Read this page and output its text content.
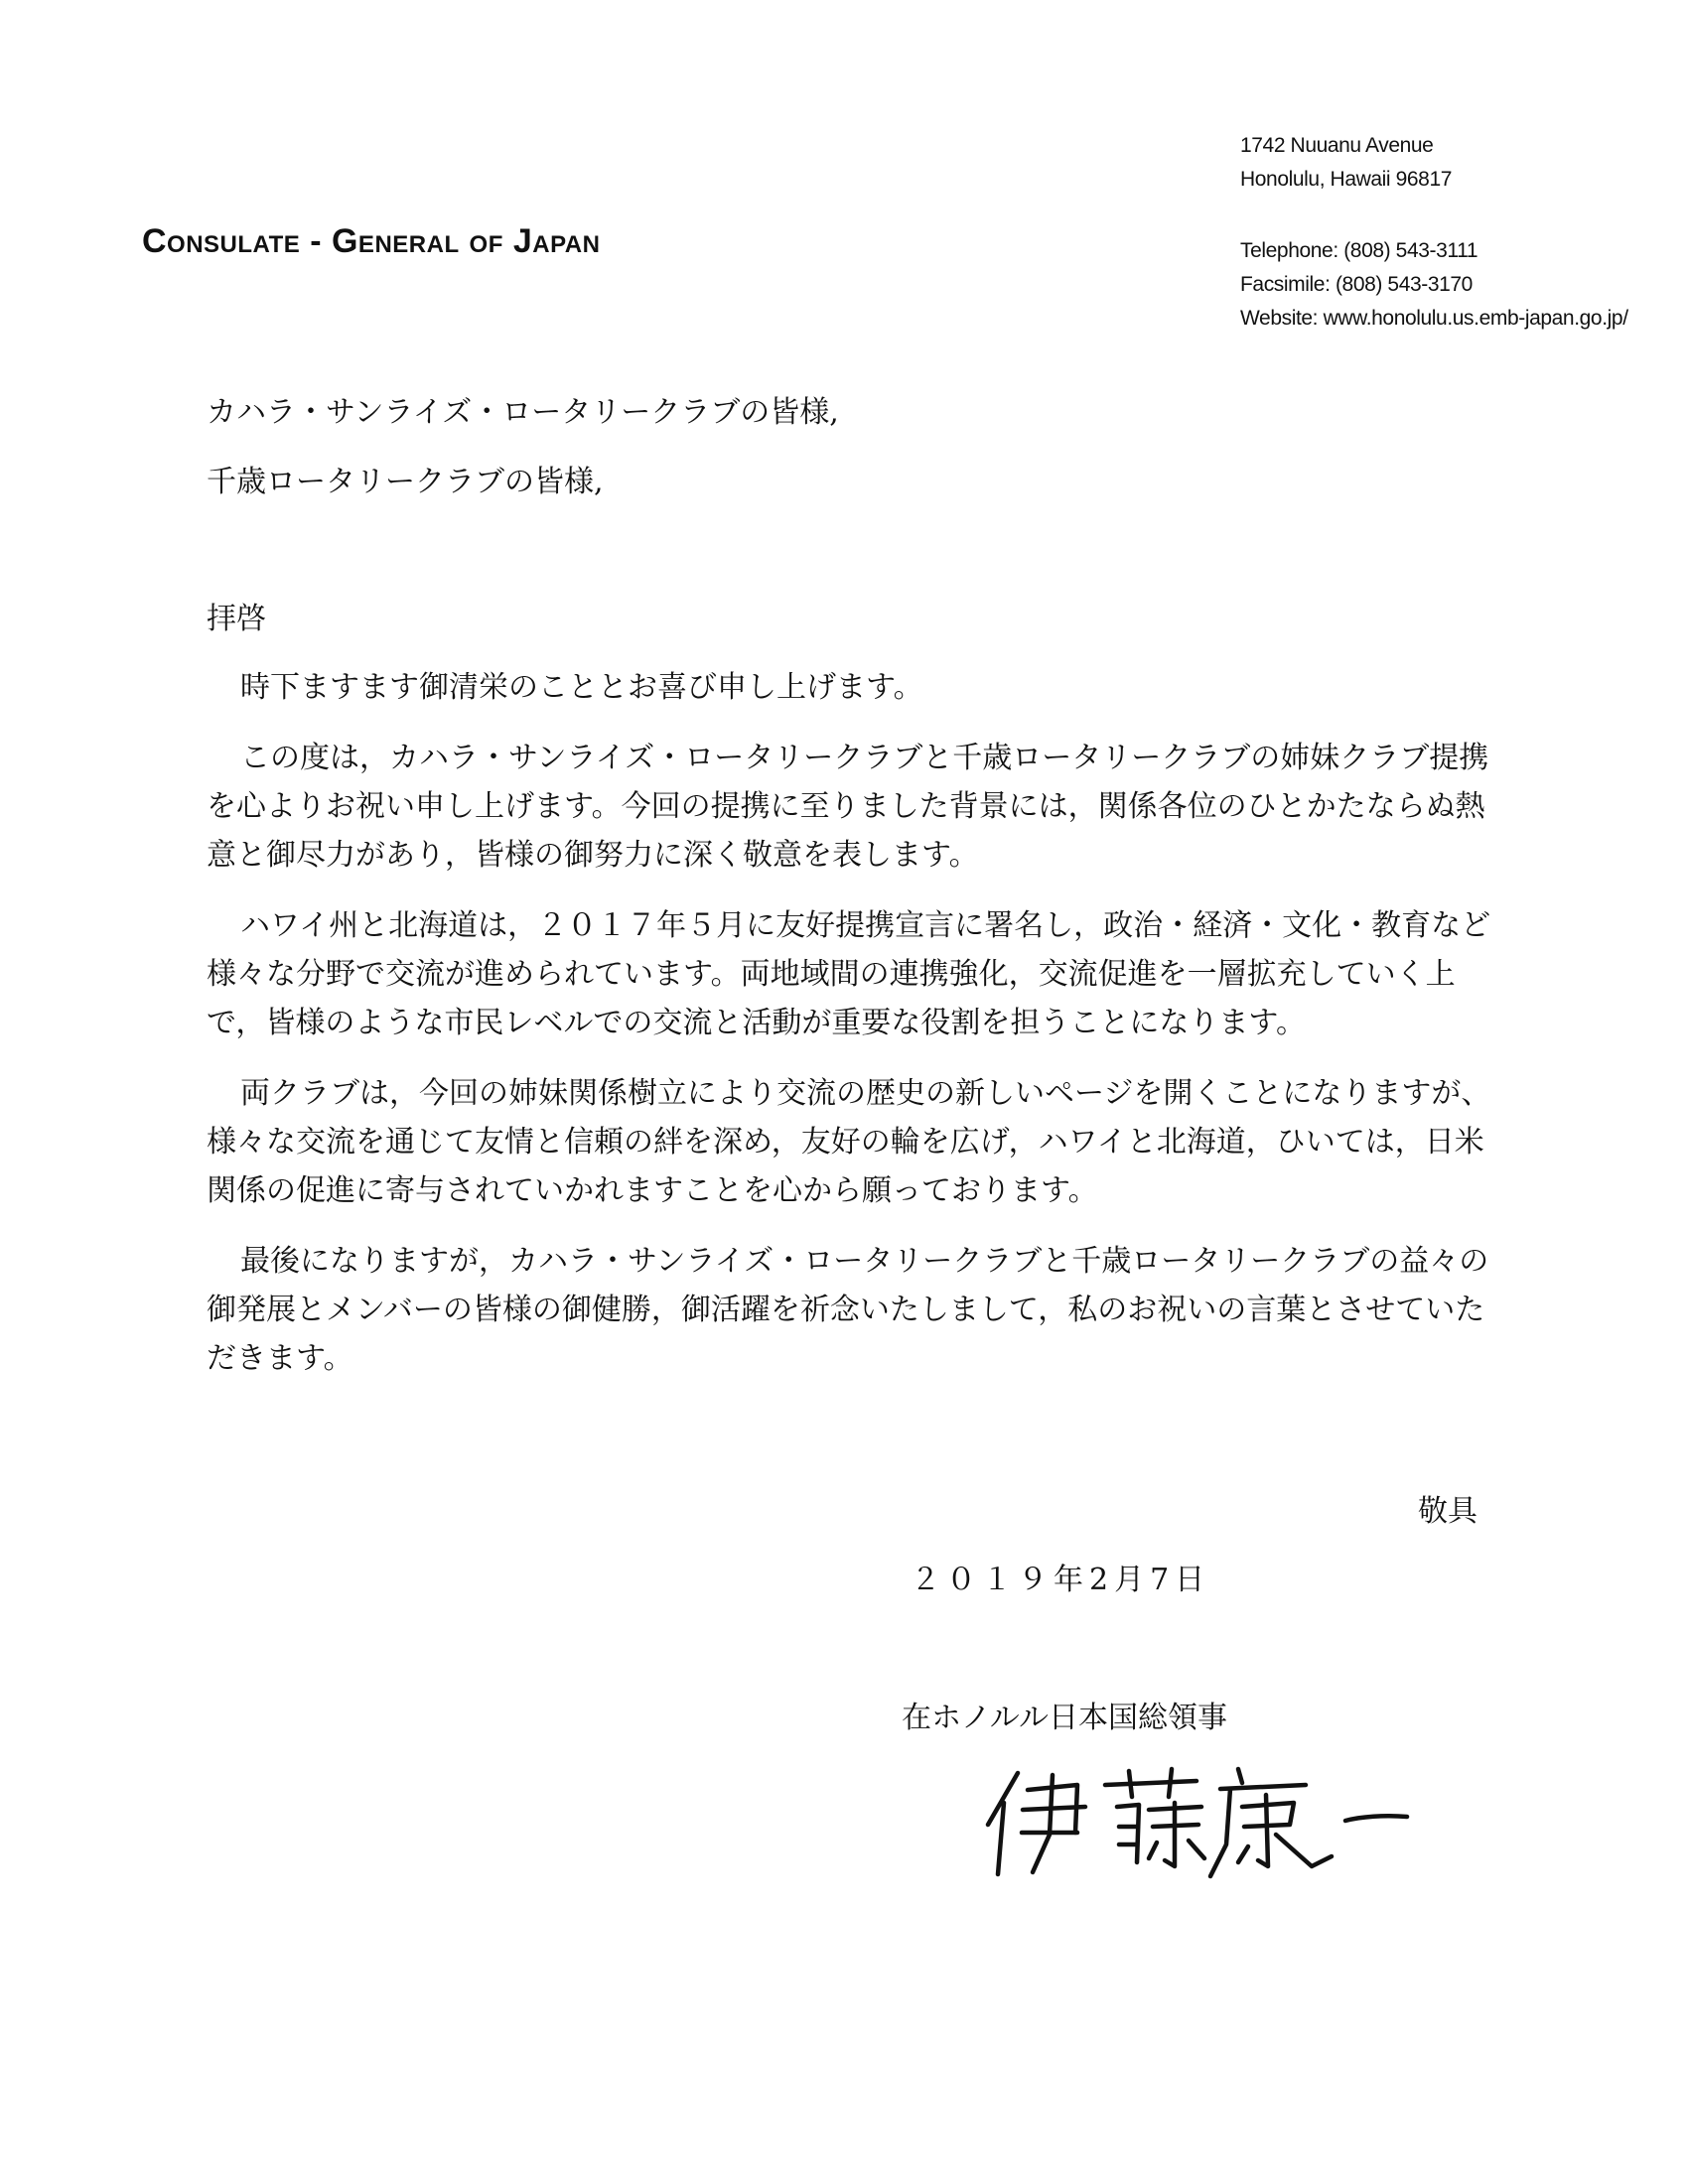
1742 Nuuanu Avenue
Honolulu, Hawaii 96817
Consulate - General of Japan	Telephone: (808) 543-3111
Facsimile: (808) 543-3170
Website: www.honolulu.us.emb-japan.go.jp/
カハラ・サンライズ・ロータリークラブの皆様,
千歳ロータリークラブの皆様,
拝啓

時下ますます御清栄のこととお喜び申し上げます。

この度は，カハラ・サンライズ・ロータリークラブと千歳ロータリークラブの姉妹クラブ提携を心よりお祝い申し上げます。今回の提携に至りました背景には，関係各位のひとかたならぬ熱意と御尽力があり，皆様の御努力に深く敬意を表します。

ハワイ州と北海道は，２０１７年５月に友好提携宣言に署名し，政治・経済・文化・教育など様々な分野で交流が進められています。両地域間の連携強化，交流促進を一層拡充していく上で，皆様のような市民レベルでの交流と活動が重要な役割を担うことになります。

両クラブは，今回の姉妹関係樹立により交流の歴史の新しいページを開くことになりますが、様々な交流を通じて友情と信頼の絆を深め，友好の輪を広げ，ハワイと北海道，ひいては，日米関係の促進に寄与されていかれますことを心から願っております。

最後になりますが，カハラ・サンライズ・ロータリークラブと千歳ロータリークラブの益々の御発展とメンバーの皆様の御健勝，御活躍を祈念いたしまして，私のお祝いの言葉とさせていただきます。

敬具
２０１９年2月7日
在ホノルル日本国総領事
